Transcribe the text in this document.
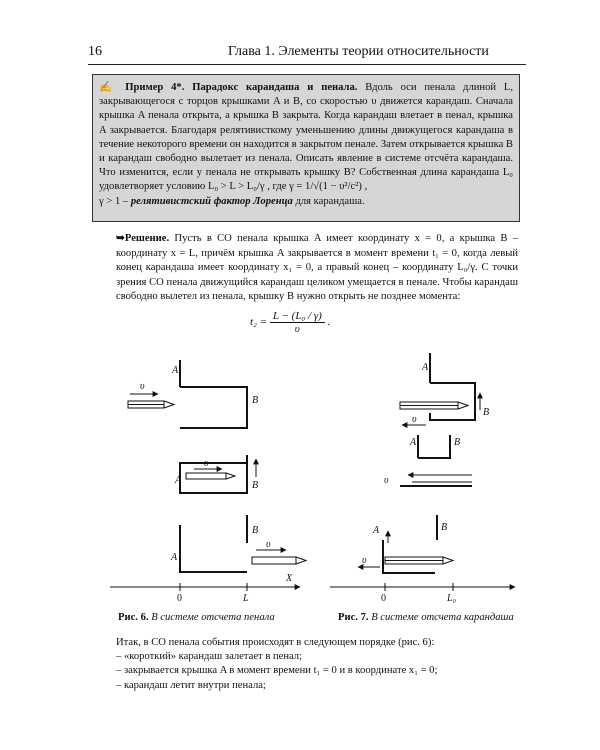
16	Глава 1. Элементы теории относительности
✍ Пример 4*. Парадокс карандаша и пенала. Вдоль оси пенала длиной L, закрывающегося с торцов крышками A и B, со скоростью υ движется карандаш. Сначала крышка A пенала открыта, а крышка B закрыта. Когда карандаш влетает в пенал, крышка A закрывается. Благодаря релятивисткому уменьшению длины движущегося карандаша в течение некоторого времени он находится в закрытом пенале. Затем открывается крышка B и карандаш свободно вылетает из пенала. Описать явление в системе отсчёта карандаша. Что изменится, если у пенала не открывать крышку B? Собственная длина карандаша L₀ удовлетворяет условию L₀ > L > L₀/γ , где γ = 1/√(1 − υ²/c²) ,
γ > 1 – релятивистский фактор Лоренца для карандаша.
➥Решение. Пусть в СО пенала крышка A имеет координату x = 0, а крышка B – координату x = L, причём крышка A закрывается в момент времени t₁ = 0, когда левый конец карандаша имеет координату x₁ = 0, а правый конец – координату L₀/γ. С точки зрения СО пенала движущийся карандаш целиком умещается в пенале. Чтобы карандаш свободно вылетел из пенала, крышку B нужно открыть не позднее момента:
$t_2 = \frac{\text{L − (L₀ / γ)}}{\upsilon}$ .
A
B
υ
A	B
υ
B
A
υ
X
0	L
A
B
υ
A	B
υ
B
A
υ
0	L₀
Рис. 6. В системе отсчета пенала	Рис. 7. В системе отсчета карандаша

Итак, в СО пенала события происходят в следующем порядке (рис. 6):

– «короткий» карандаш залетает в пенал;

– закрывается крышка A в момент времени t₁ = 0 и в координате x₁ = 0;

– карандаш летит внутри пенала;
